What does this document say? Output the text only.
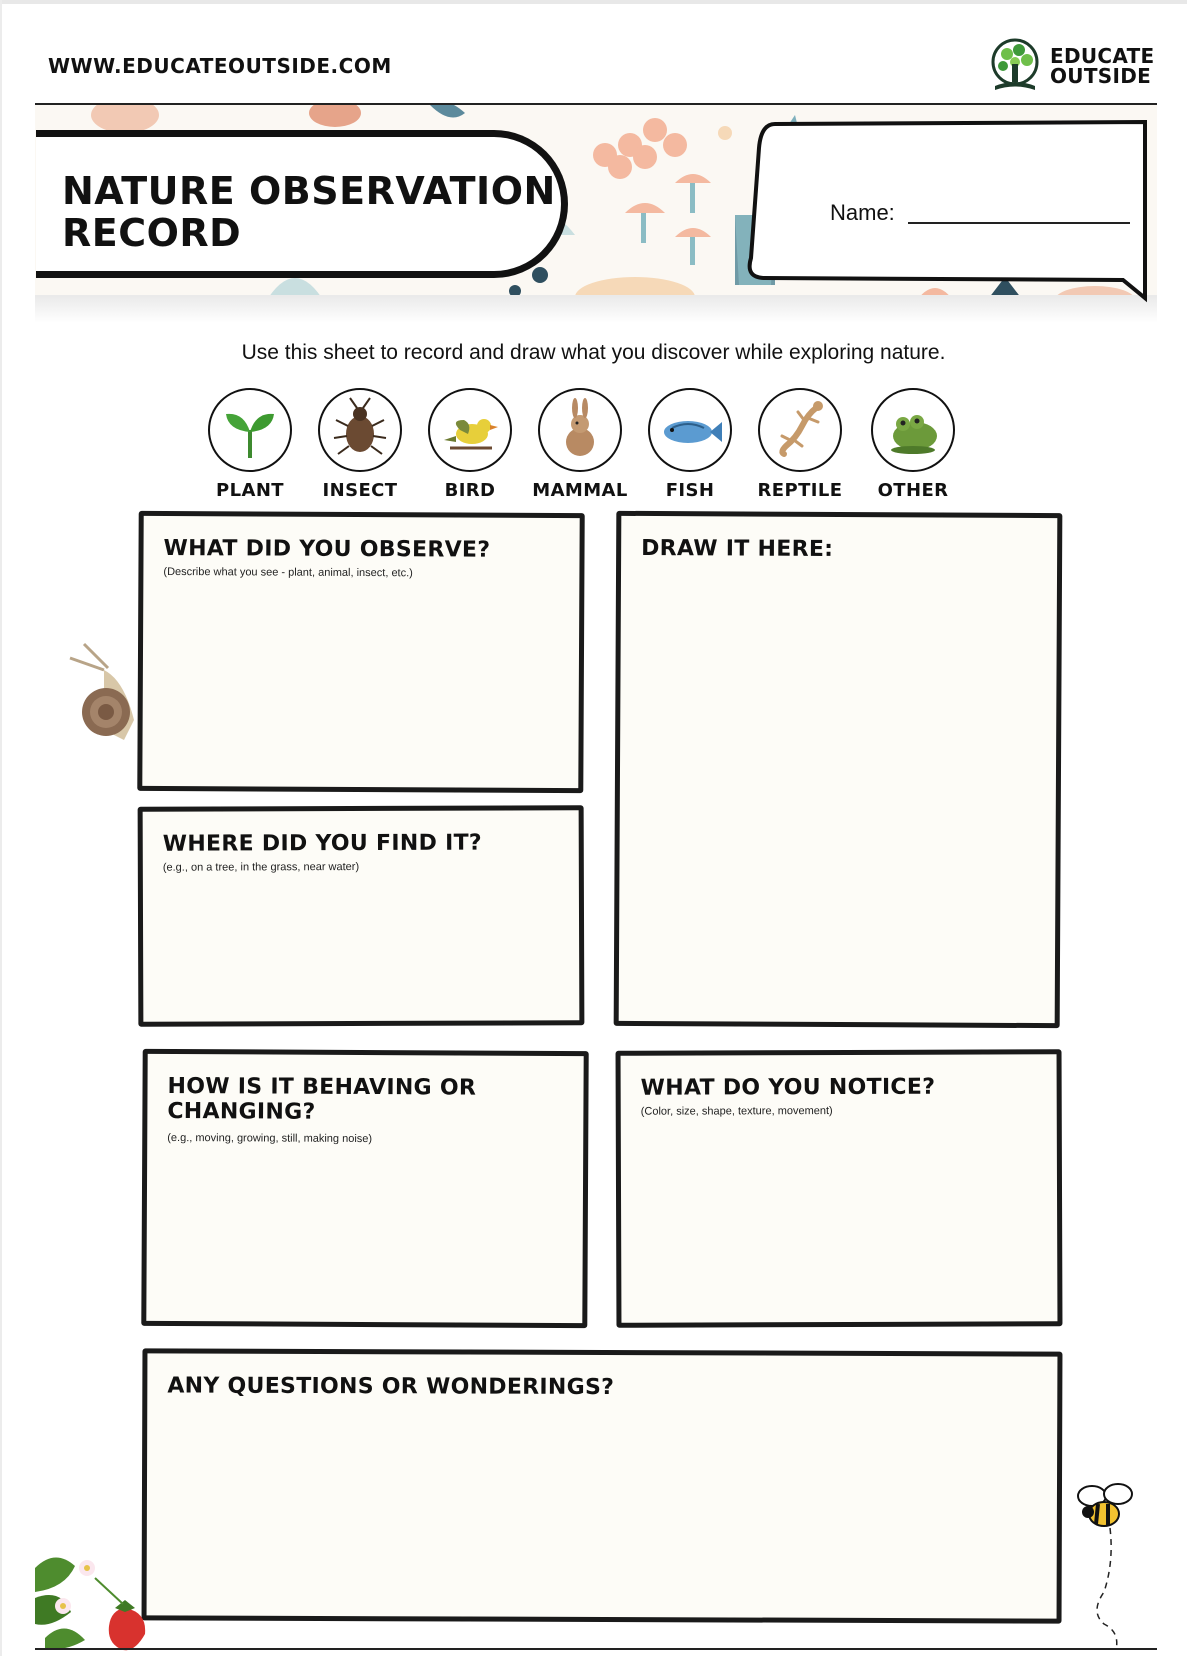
WWW.EDUCATEOUTSIDE.COM	EDUCATE
OUTSIDE
NATURE OBSERVATION
RECORD	Name:
Use this sheet to record and draw what you discover while exploring nature.
PLANT	INSECT	BIRD	MAMMAL	FISH	REPTILE	OTHER
WHAT DID YOU OBSERVE?
(Describe what you see - plant, animal, insect, etc.)
DRAW IT HERE:
WHERE DID YOU FIND IT?
(e.g., on a tree, in the grass, near water)
HOW IS IT BEHAVING OR
CHANGING?
(e.g., moving, growing, still, making noise)
WHAT DO YOU NOTICE?
(Color, size, shape, texture, movement)
ANY QUESTIONS OR WONDERINGS?
